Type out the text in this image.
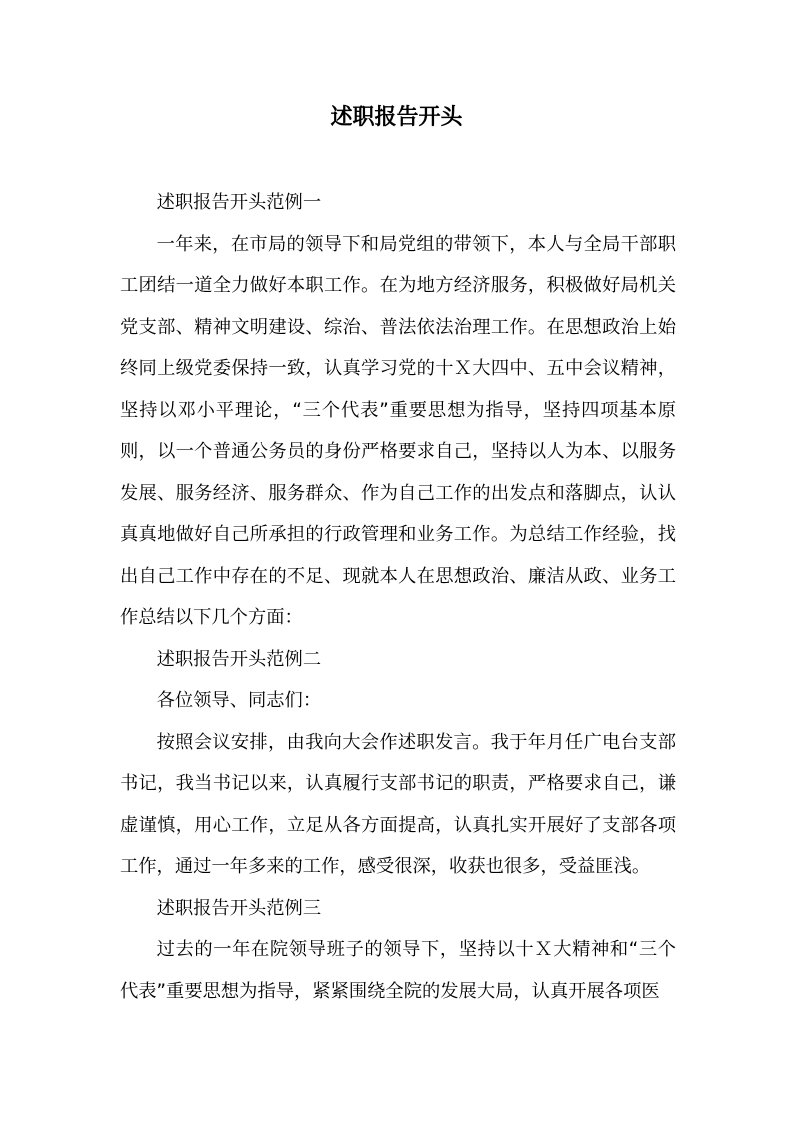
述职报告开头

述职报告开头范例一

一年来，在市局的领导下和局党组的带领下，本人与全局干部职工团结一道全力做好本职工作。在为地方经济服务，积极做好局机关党支部、精神文明建设、综治、普法依法治理工作。在思想政治上始终同上级党委保持一致，认真学习党的十Ｘ大四中、五中会议精神，坚持以邓小平理论，“三个代表”重要思想为指导，坚持四项基本原则，以一个普通公务员的身份严格要求自己，坚持以人为本、以服务发展、服务经济、服务群众、作为自己工作的出发点和落脚点，认认真真地做好自己所承担的行政管理和业务工作。为总结工作经验，找出自己工作中存在的不足、现就本人在思想政治、廉洁从政、业务工作总结以下几个方面：

述职报告开头范例二

各位领导、同志们：

按照会议安排，由我向大会作述职发言。我于年月任广电台支部书记，我当书记以来，认真履行支部书记的职责，严格要求自己，谦虚谨慎，用心工作，立足从各方面提高，认真扎实开展好了支部各项工作，通过一年多来的工作，感受很深，收获也很多，受益匪浅。

述职报告开头范例三

过去的一年在院领导班子的领导下，坚持以十Ｘ大精神和“三个代表”重要思想为指导，紧紧围绕全院的发展大局，认真开展各项医
